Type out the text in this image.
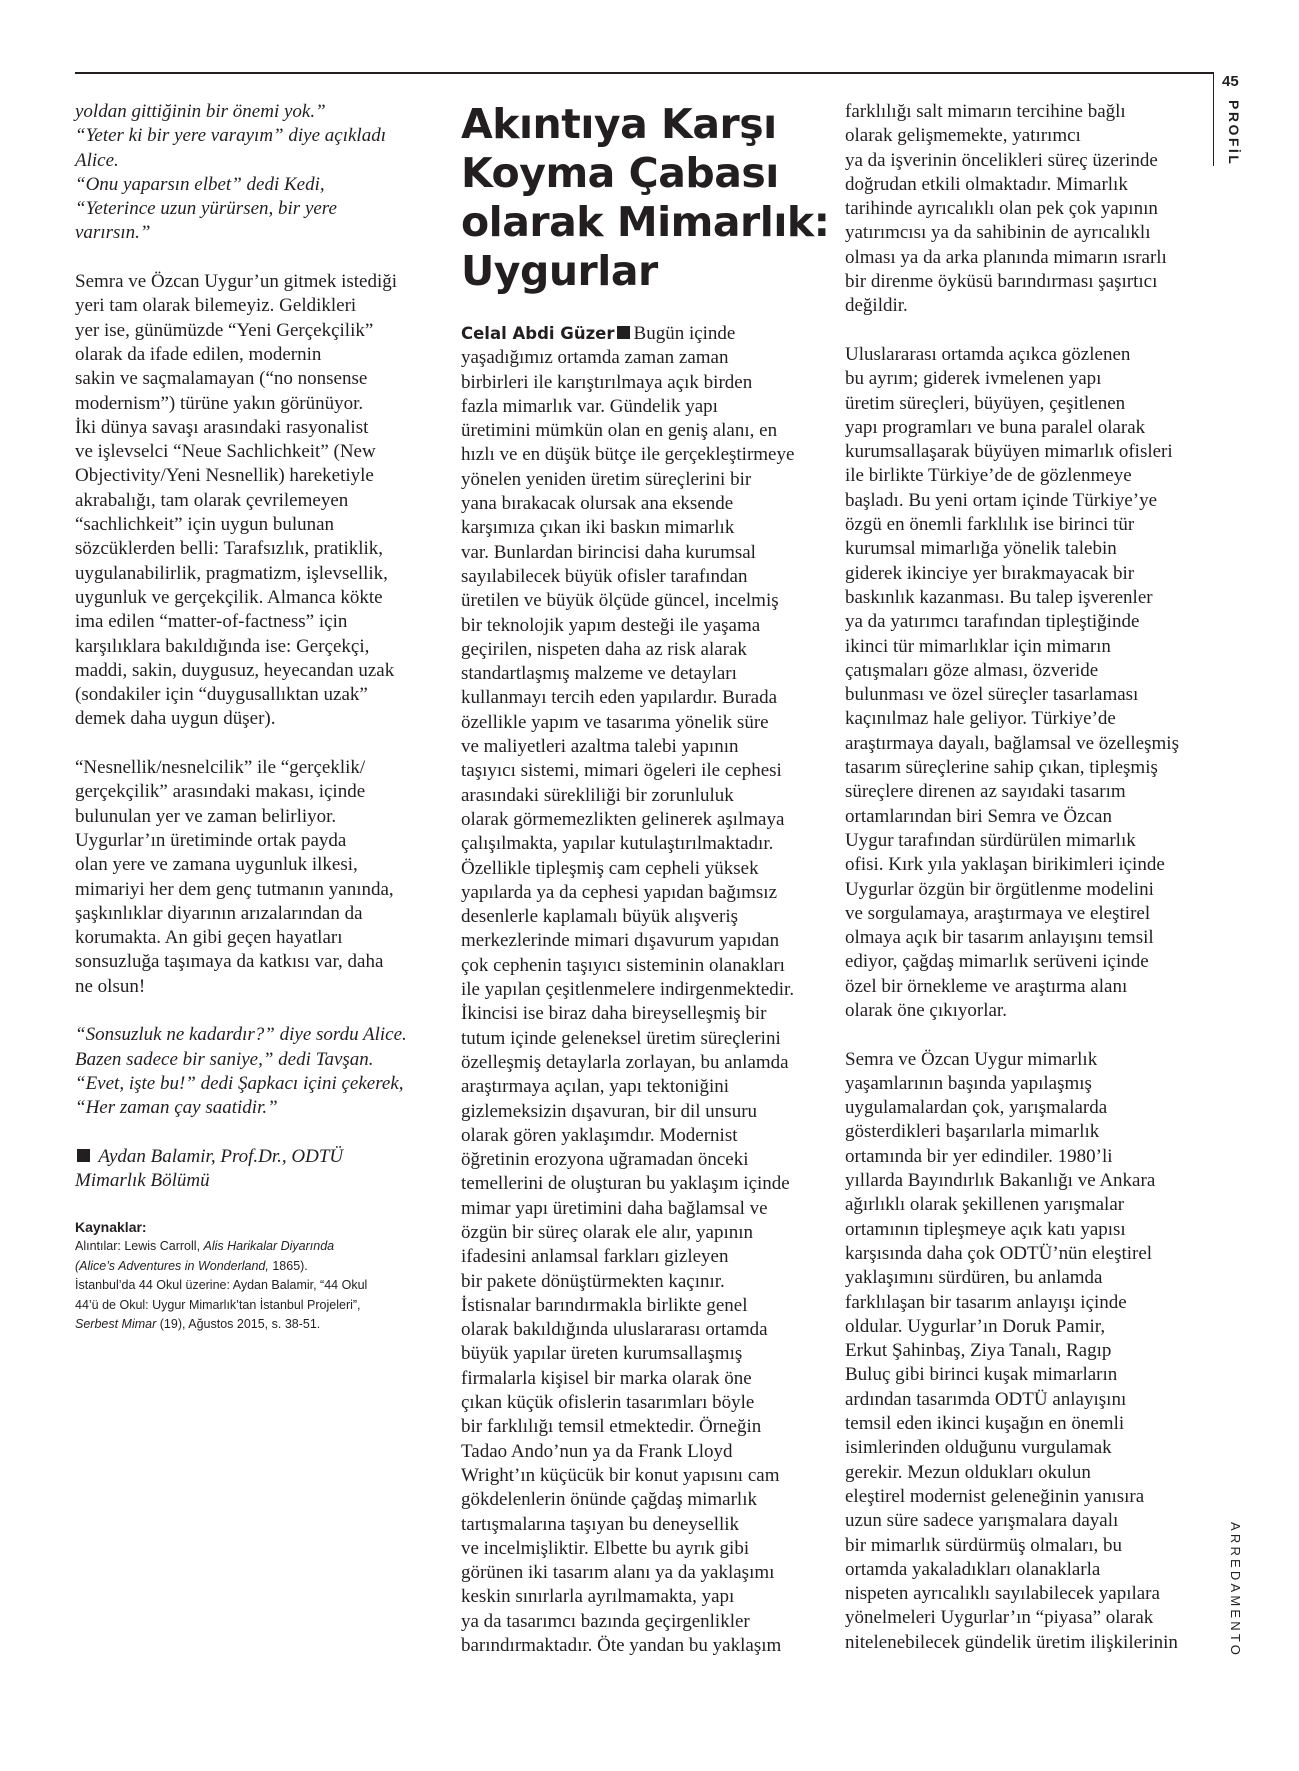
45
PROFİL
ARREDAMENTO
yoldan gittiğinin bir önemi yok.”
“Yeter ki bir yere varayım” diye açıkladı
Alice.
“Onu yaparsın elbet” dedi Kedi,
“Yeterince uzun yürürsen, bir yere
varırsın.”
Semra ve Özcan Uygur’un gitmek istediği
yeri tam olarak bilemeyiz. Geldikleri
yer ise, günümüzde “Yeni Gerçekçilik”
olarak da ifade edilen, modernin
sakin ve saçmalamayan (“no nonsense
modernism”) türüne yakın görünüyor.
İki dünya savaşı arasındaki rasyonalist
ve işlevselci “Neue Sachlichkeit” (New
Objectivity/Yeni Nesnellik) hareketiyle
akrabalığı, tam olarak çevrilemeyen
“sachlichkeit” için uygun bulunan
sözcüklerden belli: Tarafsızlık, pratiklik,
uygulanabilirlik, pragmatizm, işlevsellik,
uygunluk ve gerçekçilik. Almanca kökte
ima edilen “matter-of-factness” için
karşılıklara bakıldığında ise: Gerçekçi,
maddi, sakin, duygusuz, heyecandan uzak
(sondakiler için “duygusallıktan uzak”
demek daha uygun düşer).
“Nesnellik/nesnelcilik” ile “gerçeklik/
gerçekçilik” arasındaki makası, içinde
bulunulan yer ve zaman belirliyor.
Uygurlar’ın üretiminde ortak payda
olan yere ve zamana uygunluk ilkesi,
mimariyi her dem genç tutmanın yanında,
şaşkınlıklar diyarının arızalarından da
korumakta. An gibi geçen hayatları
sonsuzluğa taşımaya da katkısı var, daha
ne olsun!
“Sonsuzluk ne kadardır?” diye sordu Alice.
Bazen sadece bir saniye,” dedi Tavşan.
“Evet, işte bu!” dedi Şapkacı içini çekerek,
“Her zaman çay saatidir.”
Aydan Balamir, Prof.Dr., ODTÜ
Mimarlık Bölümü
Kaynaklar:
Alıntılar: Lewis Carroll, Alis Harikalar Diyarında
(Alice’s Adventures in Wonderland, 1865).
İstanbul’da 44 Okul üzerine: Aydan Balamir, “44 Okul
44’ü de Okul: Uygur Mimarlık’tan İstanbul Projeleri”,
Serbest Mimar (19), Ağustos 2015, s. 38-51.
Akıntıya Karşı
Koyma Çabası
olarak Mimarlık:
Uygurlar
Celal Abdi Güzer Bugün içinde
yaşadığımız ortamda zaman zaman
birbirleri ile karıştırılmaya açık birden
fazla mimarlık var. Gündelik yapı
üretimini mümkün olan en geniş alanı, en
hızlı ve en düşük bütçe ile gerçekleştirmeye
yönelen yeniden üretim süreçlerini bir
yana bırakacak olursak ana eksende
karşımıza çıkan iki baskın mimarlık
var. Bunlardan birincisi daha kurumsal
sayılabilecek büyük ofisler tarafından
üretilen ve büyük ölçüde güncel, incelmiş
bir teknolojik yapım desteği ile yaşama
geçirilen, nispeten daha az risk alarak
standartlaşmış malzeme ve detayları
kullanmayı tercih eden yapılardır. Burada
özellikle yapım ve tasarıma yönelik süre
ve maliyetleri azaltma talebi yapının
taşıyıcı sistemi, mimari ögeleri ile cephesi
arasındaki sürekliliği bir zorunluluk
olarak görmemezlikten gelinerek aşılmaya
çalışılmakta, yapılar kutulaştırılmaktadır.
Özellikle tipleşmiş cam cepheli yüksek
yapılarda ya da cephesi yapıdan bağımsız
desenlerle kaplamalı büyük alışveriş
merkezlerinde mimari dışavurum yapıdan
çok cephenin taşıyıcı sisteminin olanakları
ile yapılan çeşitlenmelere indirgenmektedir.
İkincisi ise biraz daha bireyselleşmiş bir
tutum içinde geleneksel üretim süreçlerini
özelleşmiş detaylarla zorlayan, bu anlamda
araştırmaya açılan, yapı tektoniğini
gizlemeksizin dışavuran, bir dil unsuru
olarak gören yaklaşımdır. Modernist
öğretinin erozyona uğramadan önceki
temellerini de oluşturan bu yaklaşım içinde
mimar yapı üretimini daha bağlamsal ve
özgün bir süreç olarak ele alır, yapının
ifadesini anlamsal farkları gizleyen
bir pakete dönüştürmekten kaçınır.
İstisnalar barındırmakla birlikte genel
olarak bakıldığında uluslararası ortamda
büyük yapılar üreten kurumsallaşmış
firmalarla kişisel bir marka olarak öne
çıkan küçük ofislerin tasarımları böyle
bir farklılığı temsil etmektedir. Örneğin
Tadao Ando’nun ya da Frank Lloyd
Wright’ın küçücük bir konut yapısını cam
gökdelenlerin önünde çağdaş mimarlık
tartışmalarına taşıyan bu deneysellik
ve incelmişliktir. Elbette bu ayrık gibi
görünen iki tasarım alanı ya da yaklaşımı
keskin sınırlarla ayrılmamakta, yapı
ya da tasarımcı bazında geçirgenlikler
barındırmaktadır. Öte yandan bu yaklaşım
farklılığı salt mimarın tercihine bağlı
olarak gelişmemekte, yatırımcı
ya da işverinin öncelikleri süreç üzerinde
doğrudan etkili olmaktadır. Mimarlık
tarihinde ayrıcalıklı olan pek çok yapının
yatırımcısı ya da sahibinin de ayrıcalıklı
olması ya da arka planında mimarın ısrarlı
bir direnme öyküsü barındırması şaşırtıcı
değildir.
Uluslararası ortamda açıkca gözlenen
bu ayrım; giderek ivmelenen yapı
üretim süreçleri, büyüyen, çeşitlenen
yapı programları ve buna paralel olarak
kurumsallaşarak büyüyen mimarlık ofisleri
ile birlikte Türkiye’de de gözlenmeye
başladı. Bu yeni ortam içinde Türkiye’ye
özgü en önemli farklılık ise birinci tür
kurumsal mimarlığa yönelik talebin
giderek ikinciye yer bırakmayacak bir
baskınlık kazanması. Bu talep işverenler
ya da yatırımcı tarafından tipleştiğinde
ikinci tür mimarlıklar için mimarın
çatışmaları göze alması, özveride
bulunması ve özel süreçler tasarlaması
kaçınılmaz hale geliyor. Türkiye’de
araştırmaya dayalı, bağlamsal ve özelleşmiş
tasarım süreçlerine sahip çıkan, tipleşmiş
süreçlere direnen az sayıdaki tasarım
ortamlarından biri Semra ve Özcan
Uygur tarafından sürdürülen mimarlık
ofisi. Kırk yıla yaklaşan birikimleri içinde
Uygurlar özgün bir örgütlenme modelini
ve sorgulamaya, araştırmaya ve eleştirel
olmaya açık bir tasarım anlayışını temsil
ediyor, çağdaş mimarlık serüveni içinde
özel bir örnekleme ve araştırma alanı
olarak öne çıkıyorlar.
Semra ve Özcan Uygur mimarlık
yaşamlarının başında yapılaşmış
uygulamalardan çok, yarışmalarda
gösterdikleri başarılarla mimarlık
ortamında bir yer edindiler. 1980’li
yıllarda Bayındırlık Bakanlığı ve Ankara
ağırlıklı olarak şekillenen yarışmalar
ortamının tipleşmeye açık katı yapısı
karşısında daha çok ODTÜ’nün eleştirel
yaklaşımını sürdüren, bu anlamda
farklılaşan bir tasarım anlayışı içinde
oldular. Uygurlar’ın Doruk Pamir,
Erkut Şahinbaş, Ziya Tanalı, Ragıp
Buluç gibi birinci kuşak mimarların
ardından tasarımda ODTÜ anlayışını
temsil eden ikinci kuşağın en önemli
isimlerinden olduğunu vurgulamak
gerekir. Mezun oldukları okulun
eleştirel modernist geleneğinin yanısıra
uzun süre sadece yarışmalara dayalı
bir mimarlık sürdürmüş olmaları, bu
ortamda yakaladıkları olanaklarla
nispeten ayrıcalıklı sayılabilecek yapılara
yönelmeleri Uygurlar’ın “piyasa” olarak
nitelenebilecek gündelik üretim ilişkilerinin
